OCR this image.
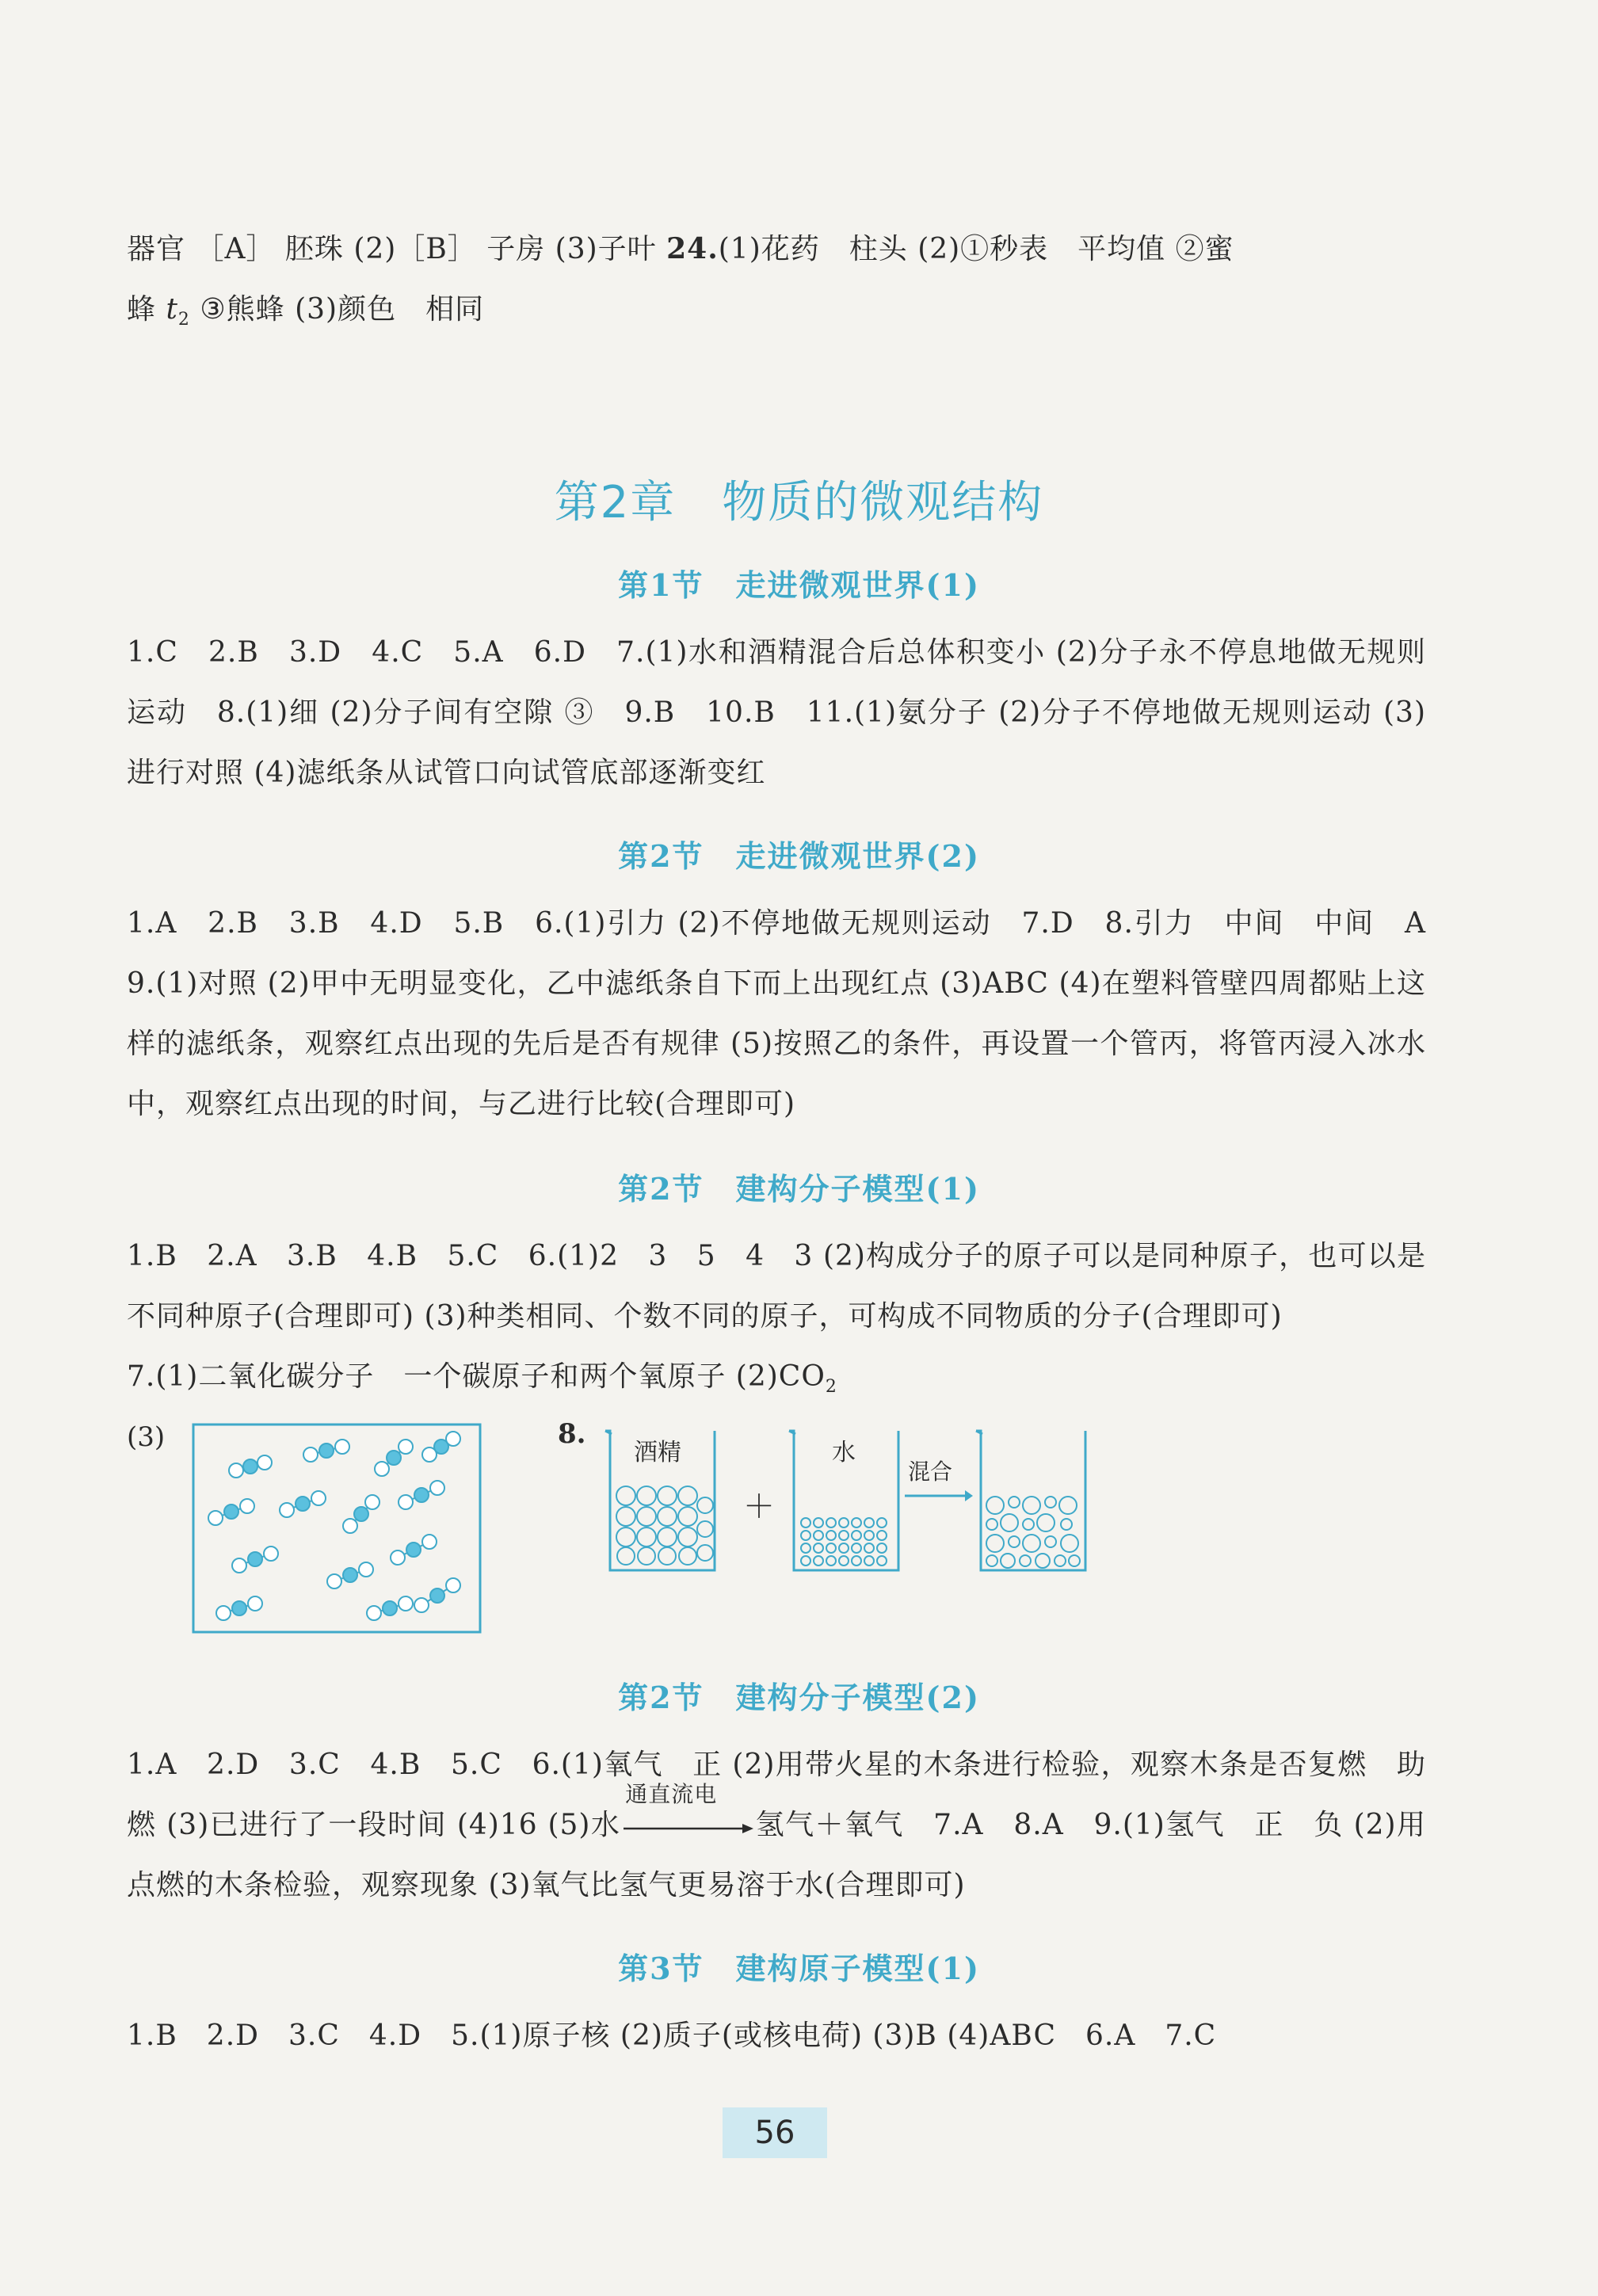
器官 ［A］ 胚珠 (2)［B］ 子房 (3)子叶 24.(1)花药　柱头 (2)①秒表　平均值 ②蜜

蜂 $t_2$ ③熊蜂 (3)颜色　相同

第2章　物质的微观结构
第1节　走进微观世界(1)
1.C　2.B　3.D　4.C　5.A　6.D　7.(1)水和酒精混合后总体积变小 (2)分子永不停息地做无规则运动　8.(1)细 (2)分子间有空隙 ③　9.B　10.B　11.(1)氨分子 (2)分子不停地做无规则运动 (3)进行对照 (4)滤纸条从试管口向试管底部逐渐变红
第2节　走进微观世界(2)
1.A　2.B　3.B　4.D　5.B　6.(1)引力 (2)不停地做无规则运动　7.D　8.引力　中间　中间　A　9.(1)对照 (2)甲中无明显变化，乙中滤纸条自下而上出现红点 (3)ABC (4)在塑料管壁四周都贴上这样的滤纸条，观察红点出现的先后是否有规律 (5)按照乙的条件，再设置一个管丙，将管丙浸入冰水中，观察红点出现的时间，与乙进行比较(合理即可)
第2节　建构分子模型(1)

1.B　2.A　3.B　4.B　5.C　6.(1)2　3　5　4　3 (2)构成分子的原子可以是同种原子，也可以是不同种原子(合理即可) (3)种类相同、个数不同的原子，可构成不同物质的分子(合理即可)

7.(1)二氧化碳分子　一个碳原子和两个氧原子 $(2)CO_2$

(3)	8.
酒精
＋
水
混合
第2节　建构分子模型(2)
1.A　2.D　3.C　4.B　5.C　6.(1)氧气　正 (2)用带火星的木条进行检验，观察木条是否复燃　助燃 (3)已进行了一段时间 (4)16 (5)水
通直流电
氢气＋氧气　7.A　8.A　9.(1)氢气　正　负 (2)用点燃的木条检验，观察现象 (3)氧气比氢气更易溶于水(合理即可)
第3节　建构原子模型(1)
1.B　2.D　3.C　4.D　5.(1)原子核 (2)质子(或核电荷) (3)B (4)ABC　6.A　7.C
56
